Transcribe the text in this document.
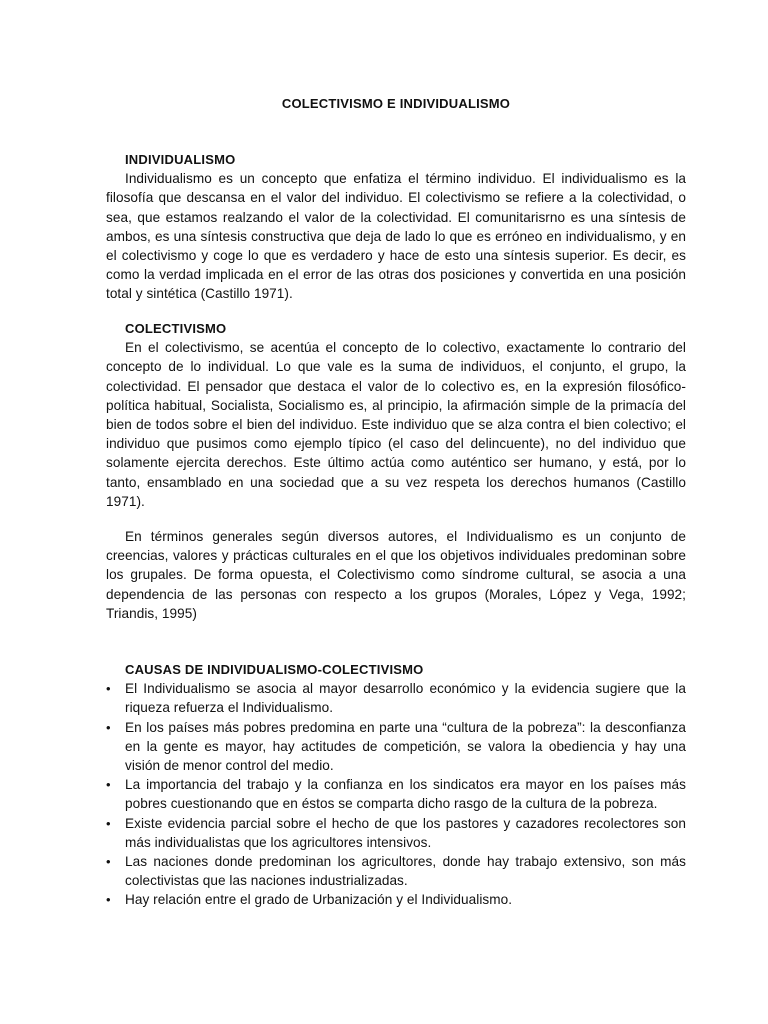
COLECTIVISMO E INDIVIDUALISMO
INDIVIDUALISMO

Individualismo es un concepto que enfatiza el término individuo. El individualismo es la filosofía que descansa en el valor del individuo. El colectivismo se refiere a la colectividad, o sea, que estamos realzando el valor de la colectividad. El comunitarisrno es una síntesis de ambos, es una síntesis constructiva que deja de lado lo que es erróneo en individualismo, y en el colectivismo y coge lo que es verdadero y hace de esto una síntesis superior. Es decir, es como la verdad implicada en el error de las otras dos posiciones y convertida en una posición total y sintética (Castillo 1971).

COLECTIVISMO

En el colectivismo, se acentúa el concepto de lo colectivo, exactamente lo contrario del concepto de lo individual. Lo que vale es la suma de individuos, el conjunto, el grupo, la colectividad. El pensador que destaca el valor de lo colectivo es, en la expresión filosófico-política habitual, Socialista, Socialismo es, al principio, la afirmación simple de la primacía del bien de todos sobre el bien del individuo. Este individuo que se alza contra el bien colectivo; el individuo que pusimos como ejemplo típico (el caso del delincuente), no del individuo que solamente ejercita derechos. Este último actúa como auténtico ser humano, y está, por lo tanto, ensamblado en una sociedad que a su vez respeta los derechos humanos (Castillo 1971).

En términos generales según diversos autores, el Individualismo es un conjunto de creencias, valores y prácticas culturales en el que los objetivos individuales predominan sobre los grupales. De forma opuesta, el Colectivismo como síndrome cultural, se asocia a una dependencia de las personas con respecto a los grupos (Morales, López y Vega, 1992; Triandis, 1995)

CAUSAS DE INDIVIDUALISMO-COLECTIVISMO
• El Individualismo se asocia al mayor desarrollo económico y la evidencia sugiere que la riqueza refuerza el Individualismo.
• En los países más pobres predomina en parte una “cultura de la pobreza”: la desconfianza en la gente es mayor, hay actitudes de competición, se valora la obediencia y hay una visión de menor control del medio.
• La importancia del trabajo y la confianza en los sindicatos era mayor en los países más pobres cuestionando que en éstos se comparta dicho rasgo de la cultura de la pobreza.
• Existe evidencia parcial sobre el hecho de que los pastores y cazadores recolectores son más individualistas que los agricultores intensivos.
• Las naciones donde predominan los agricultores, donde hay trabajo extensivo, son más colectivistas que las naciones industrializadas.
• Hay relación entre el grado de Urbanización y el Individualismo.
